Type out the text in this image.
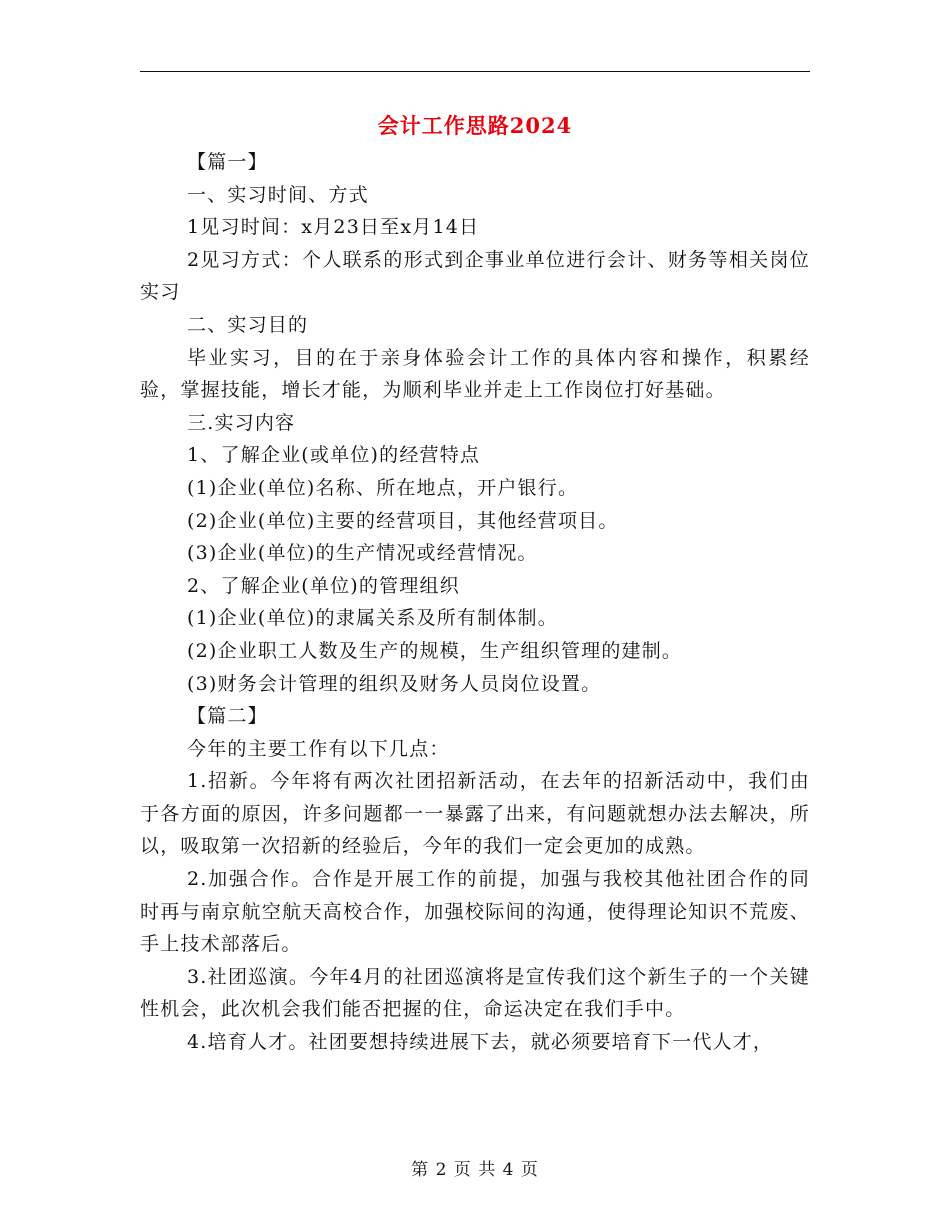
会计工作思路2024

【篇一】

一、实习时间、方式

1见习时间：x月23日至x月14日

2见习方式：个人联系的形式到企事业单位进行会计、财务等相关岗位实习

二、实习目的

毕业实习，目的在于亲身体验会计工作的具体内容和操作，积累经验，掌握技能，增长才能，为顺利毕业并走上工作岗位打好基础。

三.实习内容

1、了解企业(或单位)的经营特点

(1)企业(单位)名称、所在地点，开户银行。

(2)企业(单位)主要的经营项目，其他经营项目。

(3)企业(单位)的生产情况或经营情况。

2、了解企业(单位)的管理组织

(1)企业(单位)的隶属关系及所有制体制。

(2)企业职工人数及生产的规模，生产组织管理的建制。

(3)财务会计管理的组织及财务人员岗位设置。

【篇二】

今年的主要工作有以下几点：

1.招新。今年将有两次社团招新活动，在去年的招新活动中，我们由于各方面的原因，许多问题都一一暴露了出来，有问题就想办法去解决，所以，吸取第一次招新的经验后，今年的我们一定会更加的成熟。

2.加强合作。合作是开展工作的前提，加强与我校其他社团合作的同时再与南京航空航天高校合作，加强校际间的沟通，使得理论知识不荒废、手上技术部落后。

3.社团巡演。今年4月的社团巡演将是宣传我们这个新生子的一个关键性机会，此次机会我们能否把握的住，命运决定在我们手中。

4.培育人才。社团要想持续进展下去，就必须要培育下一代人才，

第 2 页 共 4 页
